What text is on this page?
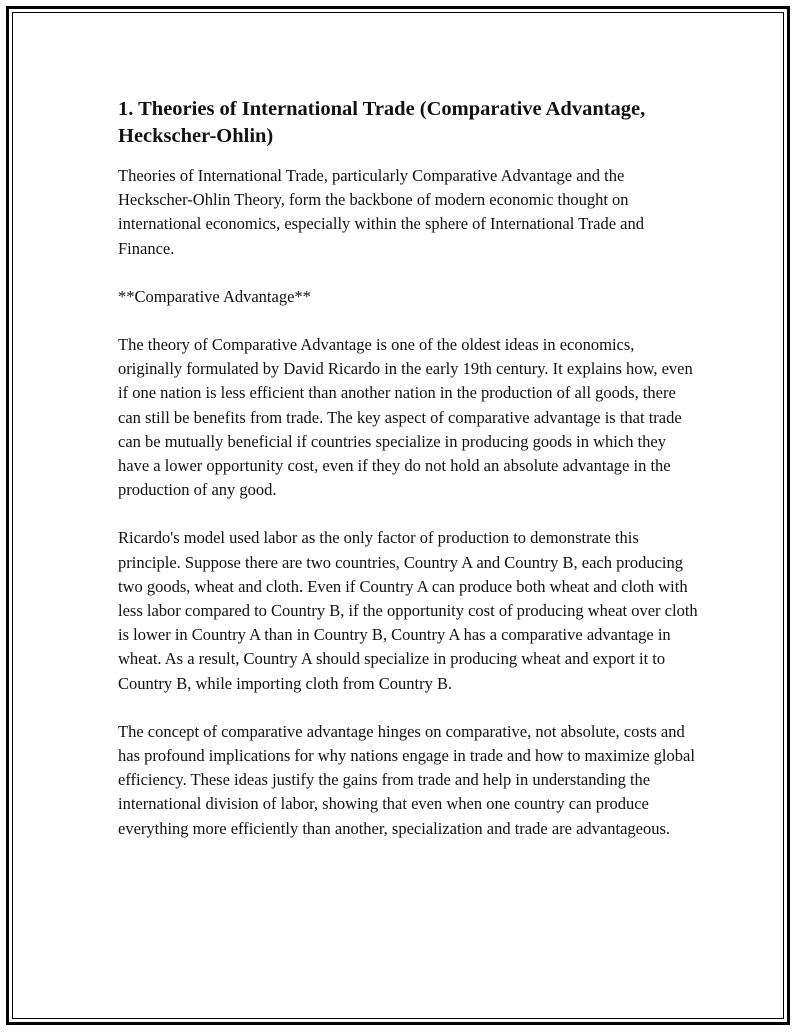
1. Theories of International Trade (Comparative Advantage, Heckscher-Ohlin)

Theories of International Trade, particularly Comparative Advantage and the Heckscher-Ohlin Theory, form the backbone of modern economic thought on international economics, especially within the sphere of International Trade and Finance.

**Comparative Advantage**

The theory of Comparative Advantage is one of the oldest ideas in economics, originally formulated by David Ricardo in the early 19th century. It explains how, even if one nation is less efficient than another nation in the production of all goods, there can still be benefits from trade. The key aspect of comparative advantage is that trade can be mutually beneficial if countries specialize in producing goods in which they have a lower opportunity cost, even if they do not hold an absolute advantage in the production of any good.

Ricardo's model used labor as the only factor of production to demonstrate this principle. Suppose there are two countries, Country A and Country B, each producing two goods, wheat and cloth. Even if Country A can produce both wheat and cloth with less labor compared to Country B, if the opportunity cost of producing wheat over cloth is lower in Country A than in Country B, Country A has a comparative advantage in wheat. As a result, Country A should specialize in producing wheat and export it to Country B, while importing cloth from Country B.

The concept of comparative advantage hinges on comparative, not absolute, costs and has profound implications for why nations engage in trade and how to maximize global efficiency. These ideas justify the gains from trade and help in understanding the international division of labor, showing that even when one country can produce everything more efficiently than another, specialization and trade are advantageous.
